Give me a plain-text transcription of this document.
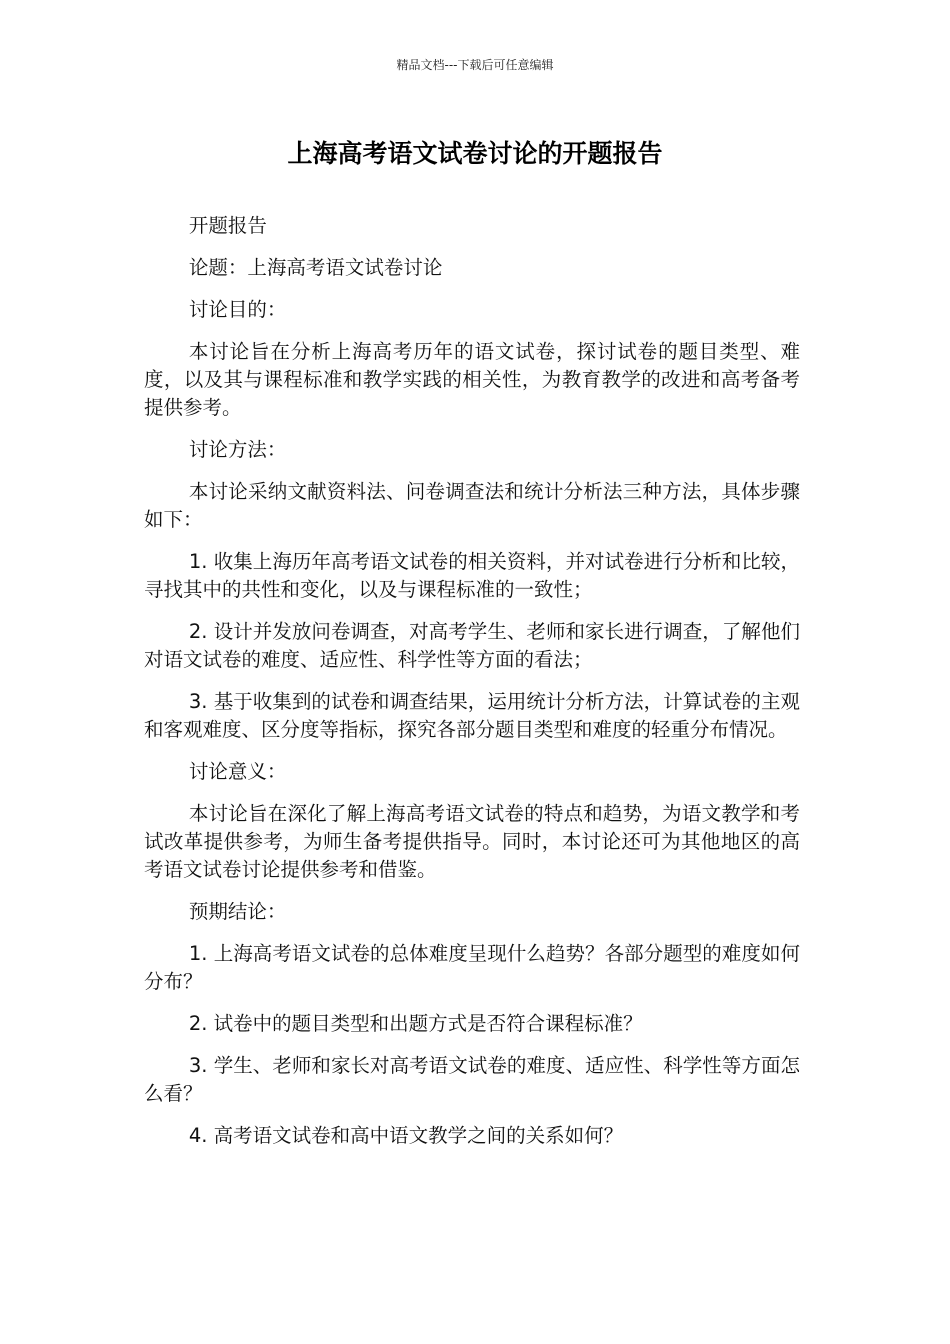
精品文档---下载后可任意编辑
上海高考语文试卷讨论的开题报告

开题报告

论题：上海高考语文试卷讨论

讨论目的：

本讨论旨在分析上海高考历年的语文试卷，探讨试卷的题目类型、难度，以及其与课程标准和教学实践的相关性，为教育教学的改进和高考备考提供参考。

讨论方法：

本讨论采纳文献资料法、问卷调查法和统计分析法三种方法，具体步骤如下：

1. 收集上海历年高考语文试卷的相关资料，并对试卷进行分析和比较，寻找其中的共性和变化，以及与课程标准的一致性；

2. 设计并发放问卷调查，对高考学生、老师和家长进行调查，了解他们对语文试卷的难度、适应性、科学性等方面的看法；

3. 基于收集到的试卷和调查结果，运用统计分析方法，计算试卷的主观和客观难度、区分度等指标，探究各部分题目类型和难度的轻重分布情况。

讨论意义：

本讨论旨在深化了解上海高考语文试卷的特点和趋势，为语文教学和考试改革提供参考，为师生备考提供指导。同时，本讨论还可为其他地区的高考语文试卷讨论提供参考和借鉴。

预期结论：

1. 上海高考语文试卷的总体难度呈现什么趋势？各部分题型的难度如何分布？

2. 试卷中的题目类型和出题方式是否符合课程标准？

3. 学生、老师和家长对高考语文试卷的难度、适应性、科学性等方面怎么看？

4. 高考语文试卷和高中语文教学之间的关系如何？
